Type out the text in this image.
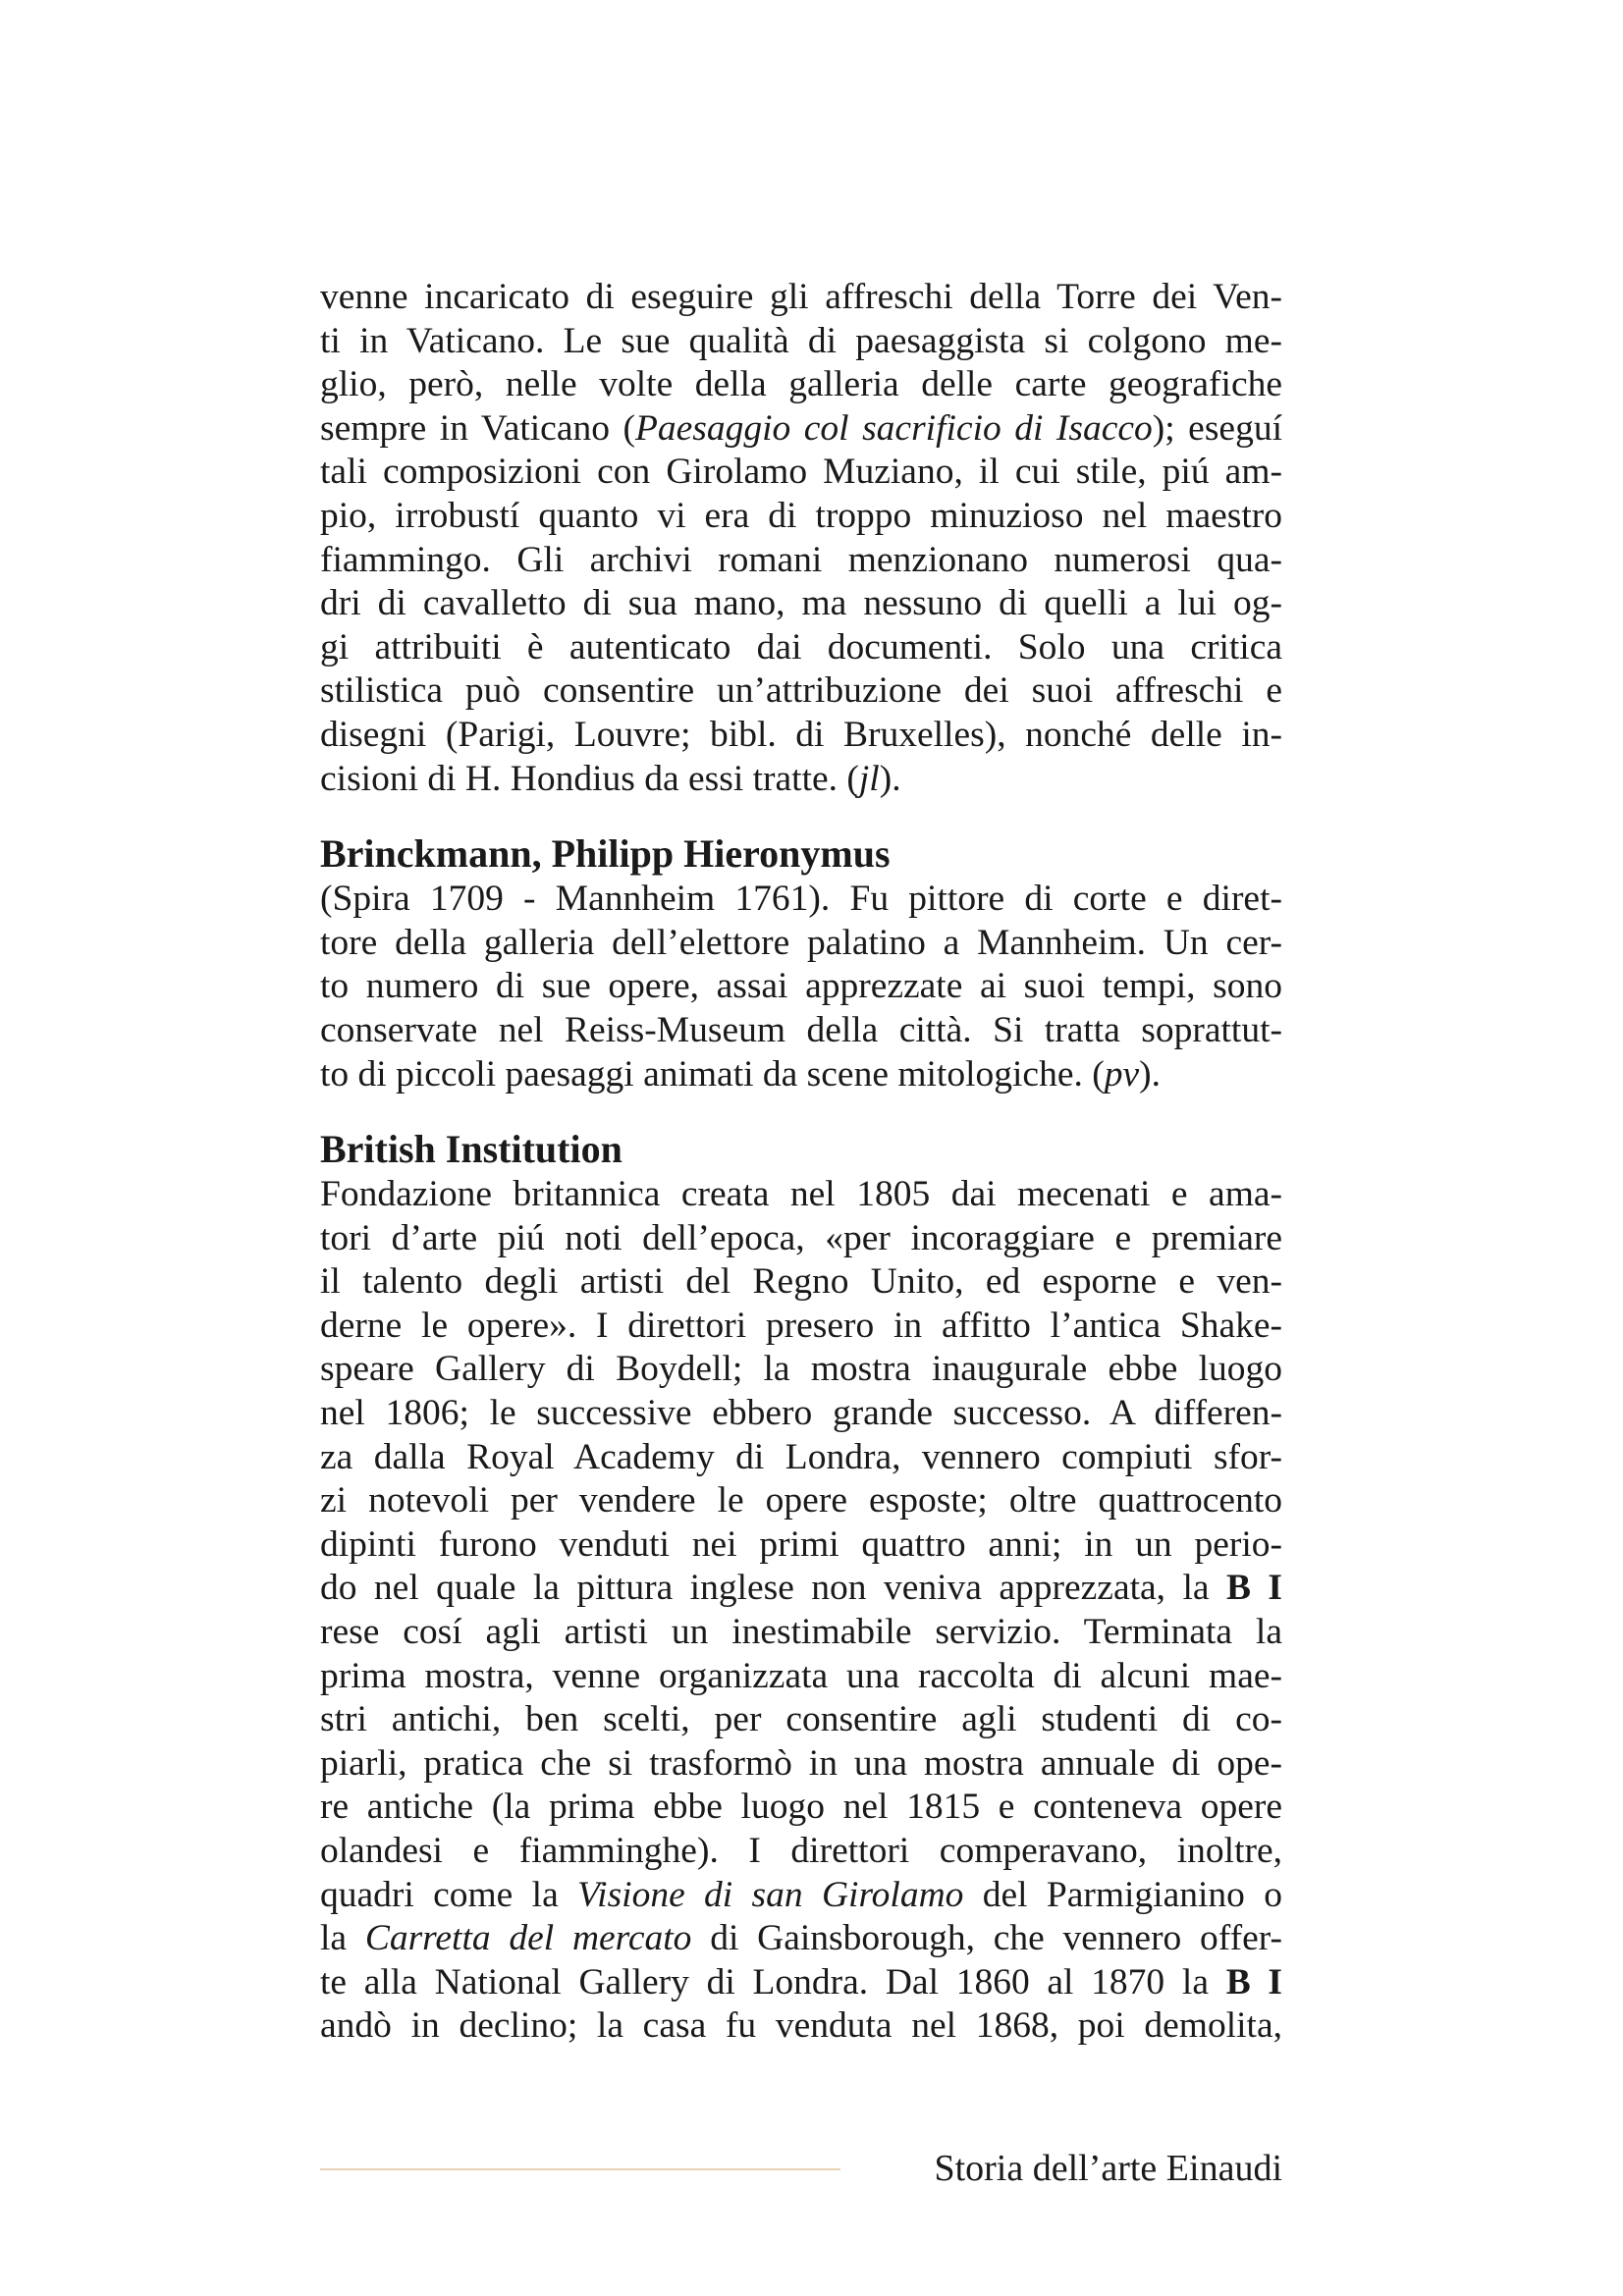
venne incaricato di eseguire gli affreschi della Torre dei Ven-
ti in Vaticano. Le sue qualità di paesaggista si colgono me-
glio, però, nelle volte della galleria delle carte geografiche
sempre in Vaticano (Paesaggio col sacrificio di Isacco); eseguí
tali composizioni con Girolamo Muziano, il cui stile, piú am-
pio, irrobustí quanto vi era di troppo minuzioso nel maestro
fiammingo. Gli archivi romani menzionano numerosi qua-
dri di cavalletto di sua mano, ma nessuno di quelli a lui og-
gi attribuiti è autenticato dai documenti. Solo una critica
stilistica può consentire un’attribuzione dei suoi affreschi e
disegni (Parigi, Louvre; bibl. di Bruxelles), nonché delle in-
cisioni di H. Hondius da essi tratte. (jl).
Brinckmann, Philipp Hieronymus
(Spira 1709 - Mannheim 1761). Fu pittore di corte e diret-
tore della galleria dell’elettore palatino a Mannheim. Un cer-
to numero di sue opere, assai apprezzate ai suoi tempi, sono
conservate nel Reiss-Museum della città. Si tratta soprattut-
to di piccoli paesaggi animati da scene mitologiche. (pv).
British Institution
Fondazione britannica creata nel 1805 dai mecenati e ama-
tori d’arte piú noti dell’epoca, «per incoraggiare e premiare
il talento degli artisti del Regno Unito, ed esporne e ven-
derne le opere». I direttori presero in affitto l’antica Shake-
speare Gallery di Boydell; la mostra inaugurale ebbe luogo
nel 1806; le successive ebbero grande successo. A differen-
za dalla Royal Academy di Londra, vennero compiuti sfor-
zi notevoli per vendere le opere esposte; oltre quattrocento
dipinti furono venduti nei primi quattro anni; in un perio-
do nel quale la pittura inglese non veniva apprezzata, la B I
rese cosí agli artisti un inestimabile servizio. Terminata la
prima mostra, venne organizzata una raccolta di alcuni mae-
stri antichi, ben scelti, per consentire agli studenti di co-
piarli, pratica che si trasformò in una mostra annuale di ope-
re antiche (la prima ebbe luogo nel 1815 e conteneva opere
olandesi e fiamminghe). I direttori comperavano, inoltre,
quadri come la Visione di san Girolamo del Parmigianino o
la Carretta del mercato di Gainsborough, che vennero offer-
te alla National Gallery di Londra. Dal 1860 al 1870 la B I
andò in declino; la casa fu venduta nel 1868, poi demolita,
Storia dell’arte Einaudi
